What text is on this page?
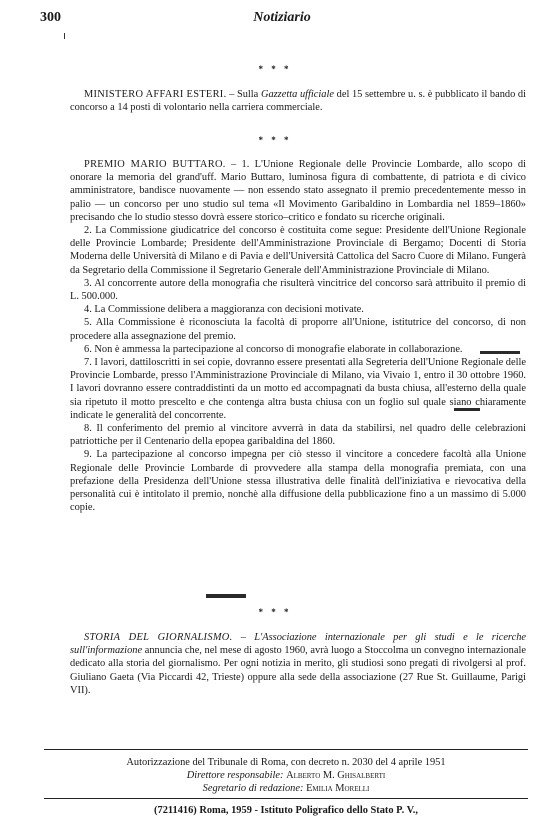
300	Notiziario
* * *

MINISTERO AFFARI ESTERI. – Sulla Gazzetta ufficiale del 15 settembre u. s. è pubblicato il bando di concorso a 14 posti di volontario nella carriera commerciale.

* * *

PREMIO MARIO BUTTARO. – 1. L'Unione Regionale delle Provincie Lombarde, allo scopo di onorare la memoria del grand'uff. Mario Buttaro, luminosa figura di combattente, di patriota e di civico amministratore, bandisce nuovamente — non essendo stato assegnato il premio precedentemente messo in palio — un concorso per uno studio sul tema «Il Movimento Garibaldino in Lombardia nel 1859–1860» precisando che lo studio stesso dovrà essere storico–critico e fondato su ricerche originali.

2. La Commissione giudicatrice del concorso è costituita come segue: Presidente dell'Unione Regionale delle Provincie Lombarde; Presidente dell'Amministrazione Provinciale di Bergamo; Docenti di Storia Moderna delle Università di Milano e di Pavia e dell'Università Cattolica del Sacro Cuore di Milano. Fungerà da Segretario della Commissione il Segretario Generale dell'Amministrazione Provinciale di Milano.

3. Al concorrente autore della monografia che risulterà vincitrice del concorso sarà attribuito il premio di L. 500.000.

4. La Commissione delibera a maggioranza con decisioni motivate.

5. Alla Commissione è riconosciuta la facoltà di proporre all'Unione, istitutrice del concorso, di non procedere alla assegnazione del premio.

6. Non è ammessa la partecipazione al concorso di monografie elaborate in collaborazione.

7. I lavori, dattiloscritti in sei copie, dovranno essere presentati alla Segreteria dell'Unione Regionale delle Provincie Lombarde, presso l'Amministrazione Provinciale di Milano, via Vivaio 1, entro il 30 ottobre 1960. I lavori dovranno essere contraddistinti da un motto ed accompagnati da busta chiusa, all'esterno della quale sia ripetuto il motto prescelto e che contenga altra busta chiusa con un foglio sul quale siano chiaramente indicate le generalità del concorrente.

8. Il conferimento del premio al vincitore avverrà in data da stabilirsi, nel quadro delle celebrazioni patriottiche per il Centenario della epopea garibaldina del 1860.

9. La partecipazione al concorso impegna per ciò stesso il vincitore a concedere facoltà alla Unione Regionale delle Provincie Lombarde di provvedere alla stampa della monografia premiata, con una prefazione della Presidenza dell'Unione stessa illustrativa delle finalità dell'iniziativa e rievocativa della personalità cui è intitolato il premio, nonchè alla diffusione della pubblicazione fino a un massimo di 5.000 copie.

* * *

STORIA DEL GIORNALISMO. – L'Associazione internazionale per gli studi e le ricerche sull'informazione annuncia che, nel mese di agosto 1960, avrà luogo a Stoccolma un convegno internazionale dedicato alla storia del giornalismo. Per ogni notizia in merito, gli studiosi sono pregati di rivolgersi al prof. Giuliano Gaeta (Via Piccardi 42, Trieste) oppure alla sede della associazione (27 Rue St. Guillaume, Parigi VII).

Autorizzazione del Tribunale di Roma, con decreto n. 2030 del 4 aprile 1951
Direttore responsabile: Alberto M. Ghisalberti
Segretario di redazione: Emilia Morelli
(7211416) Roma, 1959 - Istituto Poligrafico dello Stato P. V.,
